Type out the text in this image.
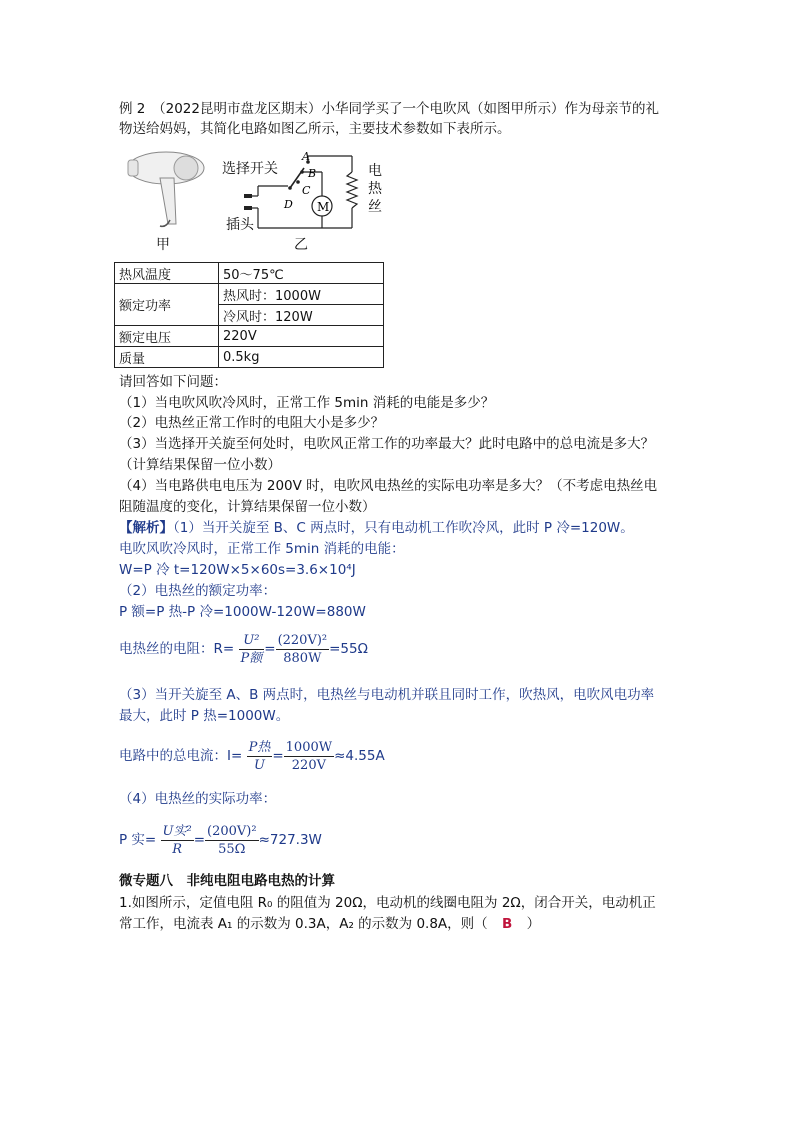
例 2　（2022昆明市盘龙区期末）小华同学买了一个电吹风（如图甲所示）作为母亲节的礼
物送给妈妈，其简化电路如图乙所示，主要技术参数如下表所示。
甲
选择开关
插头
乙
M
A
B
C
D
电热丝
热风温度	50～75℃
额定功率	热风时：1000W
	冷风时：120W
额定电压	220V
质量	0.5kg
请回答如下问题：
（1）当电吹风吹冷风时，正常工作 5min 消耗的电能是多少？
（2）电热丝正常工作时的电阻大小是多少？
（3）当选择开关旋至何处时，电吹风正常工作的功率最大？此时电路中的总电流是多大？
（计算结果保留一位小数）
（4）当电路供电电压为 200V 时，电吹风电热丝的实际电功率是多大？（不考虑电热丝电
阻随温度的变化，计算结果保留一位小数）
【解析】（1）当开关旋至 B、C 两点时，只有电动机工作吹冷风，此时 P 冷=120W。
电吹风吹冷风时，正常工作 5min 消耗的电能：
W=P 冷 t=120W×5×60s=3.6×10⁴J
（2）电热丝的额定功率：
P 额=P 热-P 冷=1000W-120W=880W
电热丝的电阻：$R= \frac{\text{U²}}{\text{P额}} = \frac{\text{(220V)²}}{880W} =55\Omega$
（3）当开关旋至 A、B 两点时，电热丝与电动机并联且同时工作，吹热风，电吹风电功率
最大，此时 P 热=1000W。
电路中的总电流：$I= \frac{\text{P热}}{U} = \frac{1000W}{220V} \approx 4.55A$
（4）电热丝的实际功率：
P 实= $\frac{\text{U实²}}{R} = \frac{\text{(200V)²}}{55\Omega} \approx 727.3W$
微专题八　非纯电阻电路电热的计算
1.如图所示，定值电阻 R₀ 的阻值为 20Ω，电动机的线圈电阻为 2Ω，闭合开关，电动机正
常工作，电流表 A₁ 的示数为 0.3A，A₂ 的示数为 0.8A，则（ B ）
